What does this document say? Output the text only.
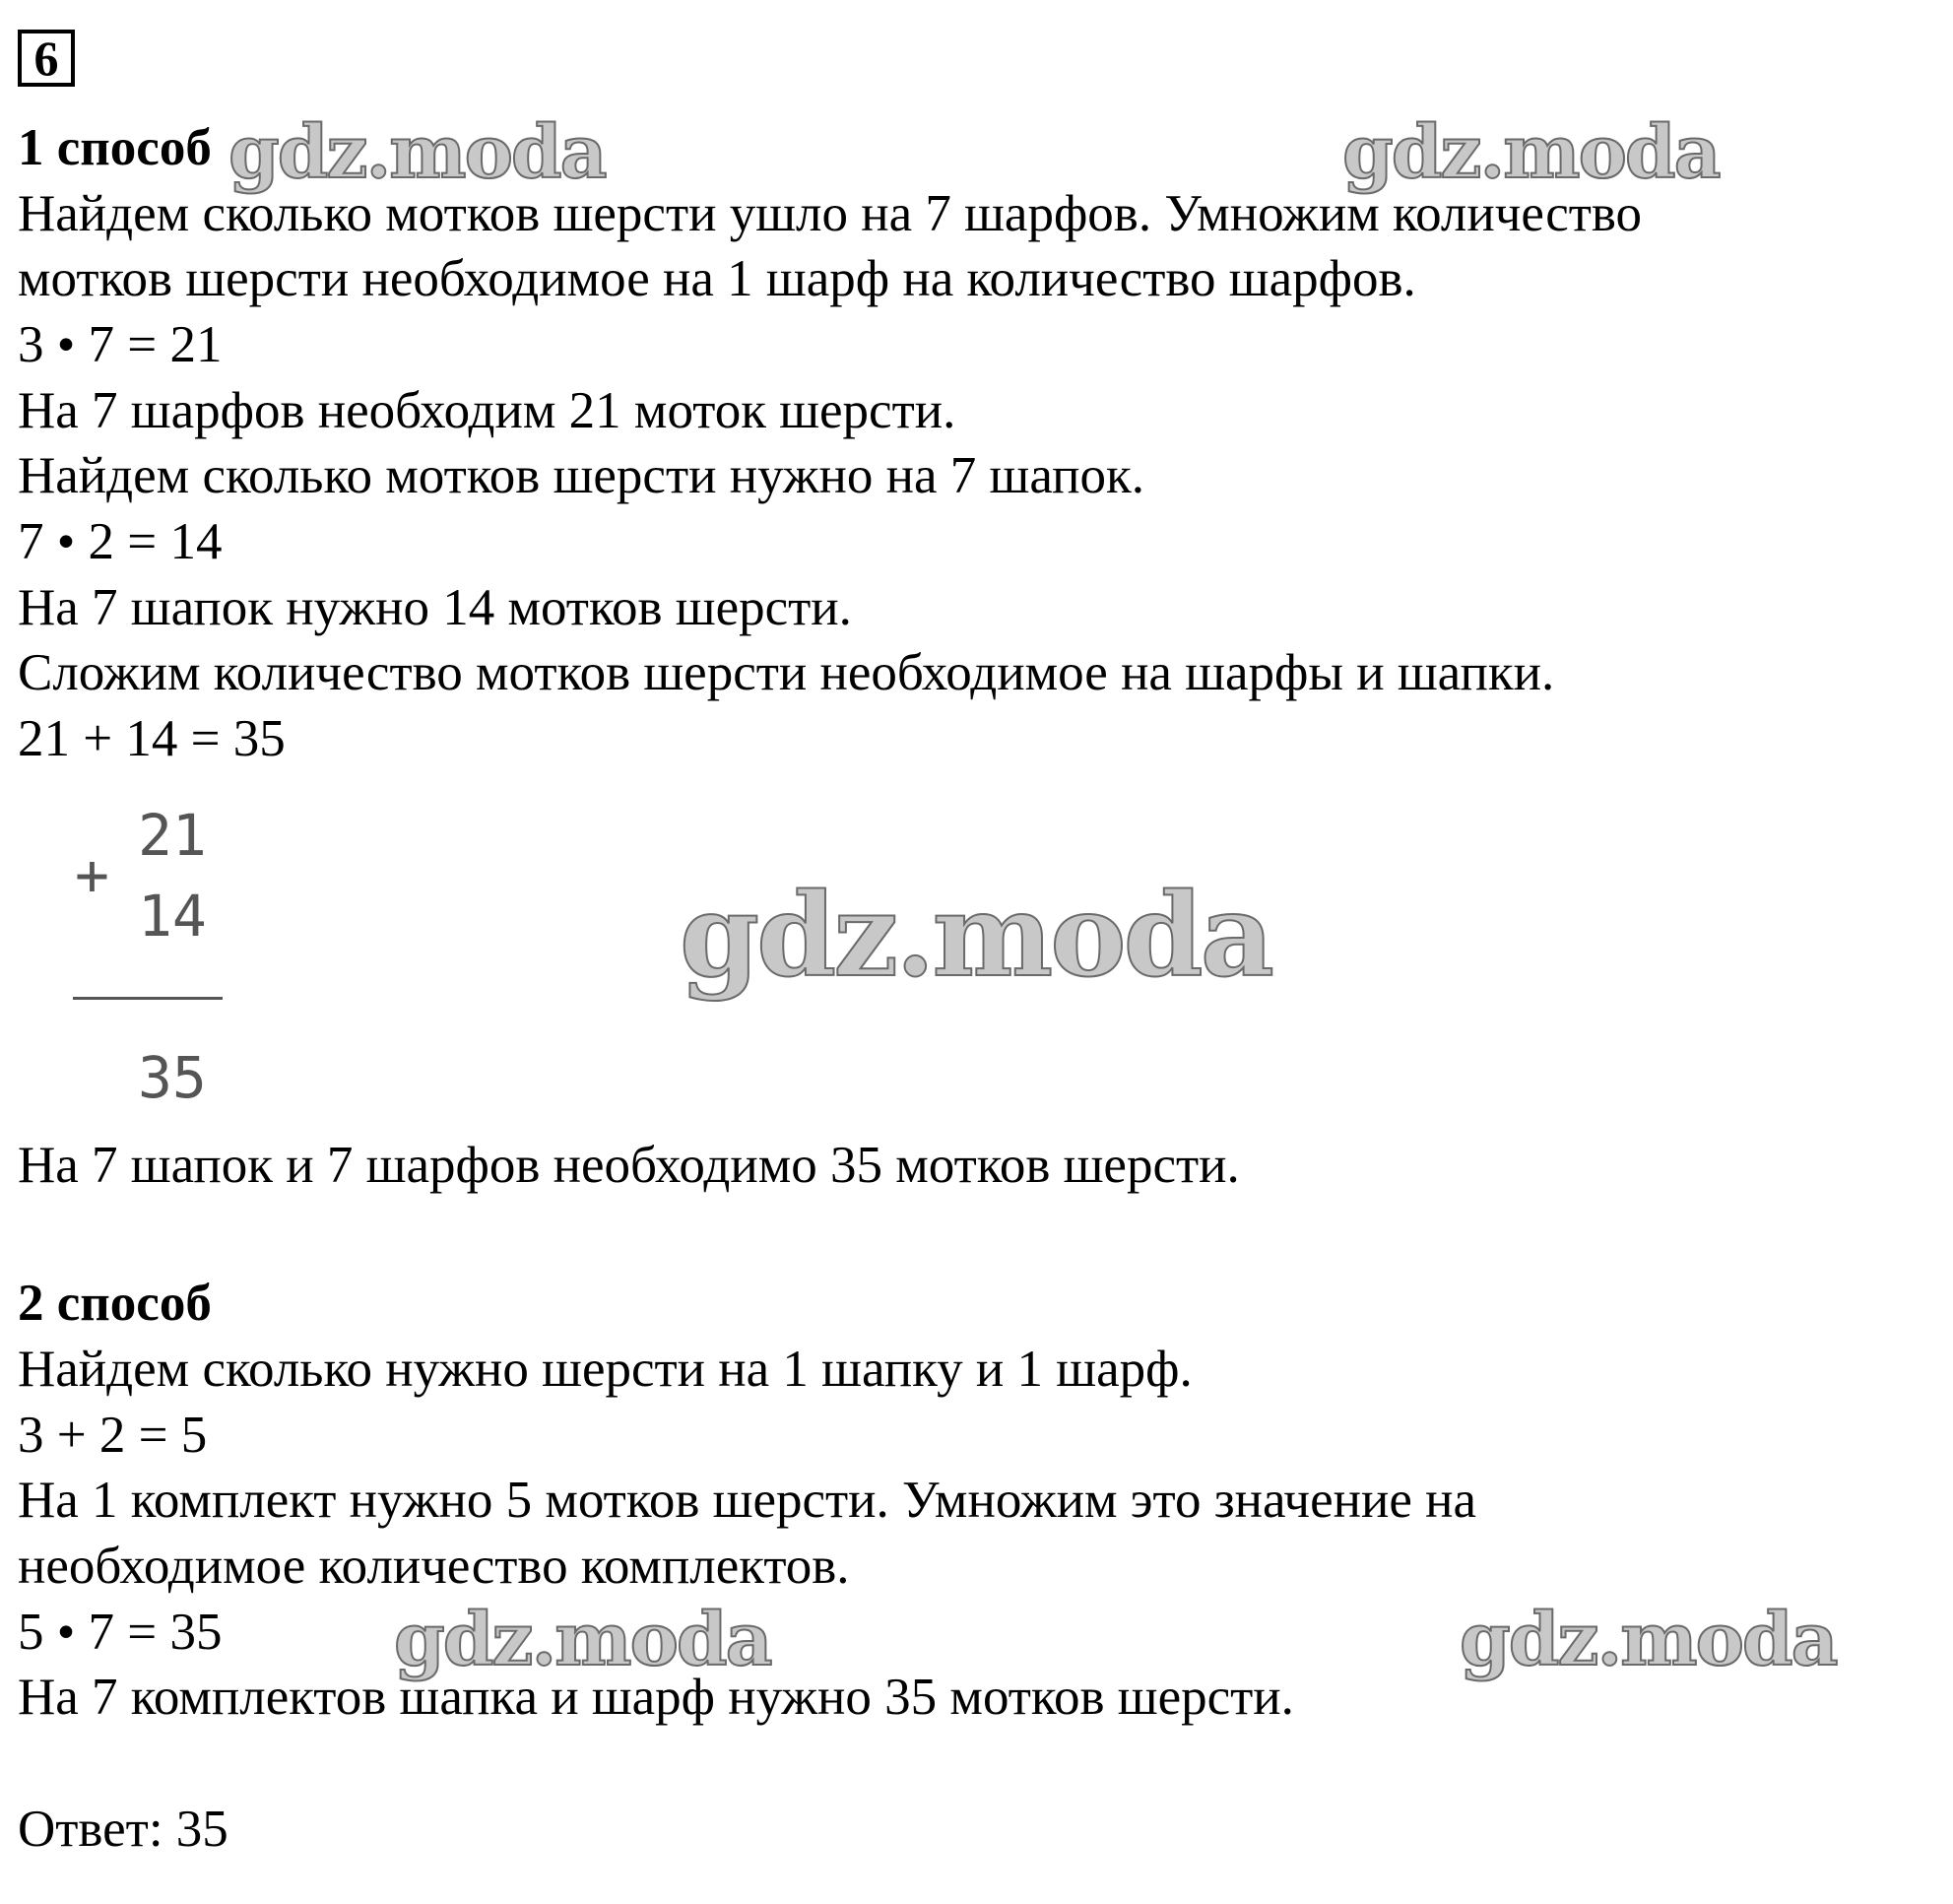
6
1 способ
Найдем сколько мотков шерсти ушло на 7 шарфов. Умножим количество
мотков шерсти необходимое на 1 шарф на количество шарфов.
3 • 7 = 21
На 7 шарфов необходим 21 моток шерсти.
Найдем сколько мотков шерсти нужно на 7 шапок.
7 • 2 = 14
На 7 шапок нужно 14 мотков шерсти.
Сложим количество мотков шерсти необходимое на шарфы и шапки.
21 + 14 = 35
+
21
14
35
На 7 шапок и 7 шарфов необходимо 35 мотков шерсти.
2 способ
Найдем сколько нужно шерсти на 1 шапку и 1 шарф.
3 + 2 = 5
На 1 комплект нужно 5 мотков шерсти. Умножим это значение на
необходимое количество комплектов.
5 • 7 = 35
На 7 комплектов шапка и шарф нужно 35 мотков шерсти.
Ответ: 35
gdz.moda	gdz.moda
gdz.moda
gdz.moda	gdz.moda
